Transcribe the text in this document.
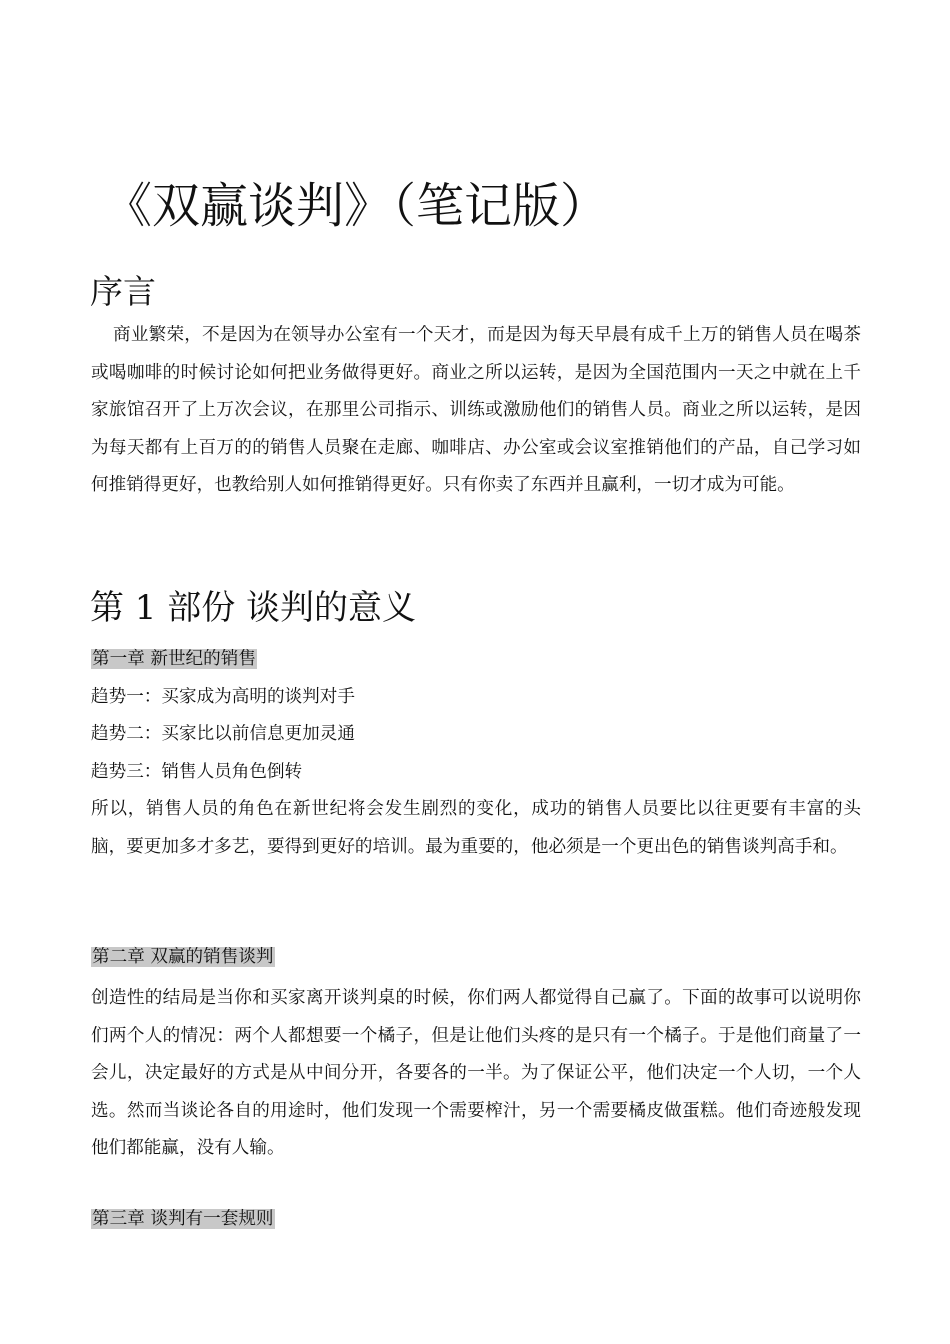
《双赢谈判》（笔记版）
序言

商业繁荣，不是因为在领导办公室有一个天才，而是因为每天早晨有成千上万的销售人员在喝茶或喝咖啡的时候讨论如何把业务做得更好。商业之所以运转，是因为全国范围内一天之中就在上千家旅馆召开了上万次会议，在那里公司指示、训练或激励他们的销售人员。商业之所以运转，是因为每天都有上百万的的销售人员聚在走廊、咖啡店、办公室或会议室推销他们的产品，自己学习如何推销得更好，也教给别人如何推销得更好。只有你卖了东西并且赢利，一切才成为可能。

第 1 部份 谈判的意义
第一章 新世纪的销售

趋势一：买家成为高明的谈判对手

趋势二：买家比以前信息更加灵通

趋势三：销售人员角色倒转

所以，销售人员的角色在新世纪将会发生剧烈的变化，成功的销售人员要比以往更要有丰富的头脑，要更加多才多艺，要得到更好的培训。最为重要的，他必须是一个更出色的销售谈判高手和。

第二章 双赢的销售谈判

创造性的结局是当你和买家离开谈判桌的时候，你们两人都觉得自己赢了。下面的故事可以说明你们两个人的情况：两个人都想要一个橘子，但是让他们头疼的是只有一个橘子。于是他们商量了一会儿，决定最好的方式是从中间分开，各要各的一半。为了保证公平，他们决定一个人切，一个人选。然而当谈论各自的用途时，他们发现一个需要榨汁，另一个需要橘皮做蛋糕。他们奇迹般发现他们都能赢，没有人输。

第三章 谈判有一套规则
